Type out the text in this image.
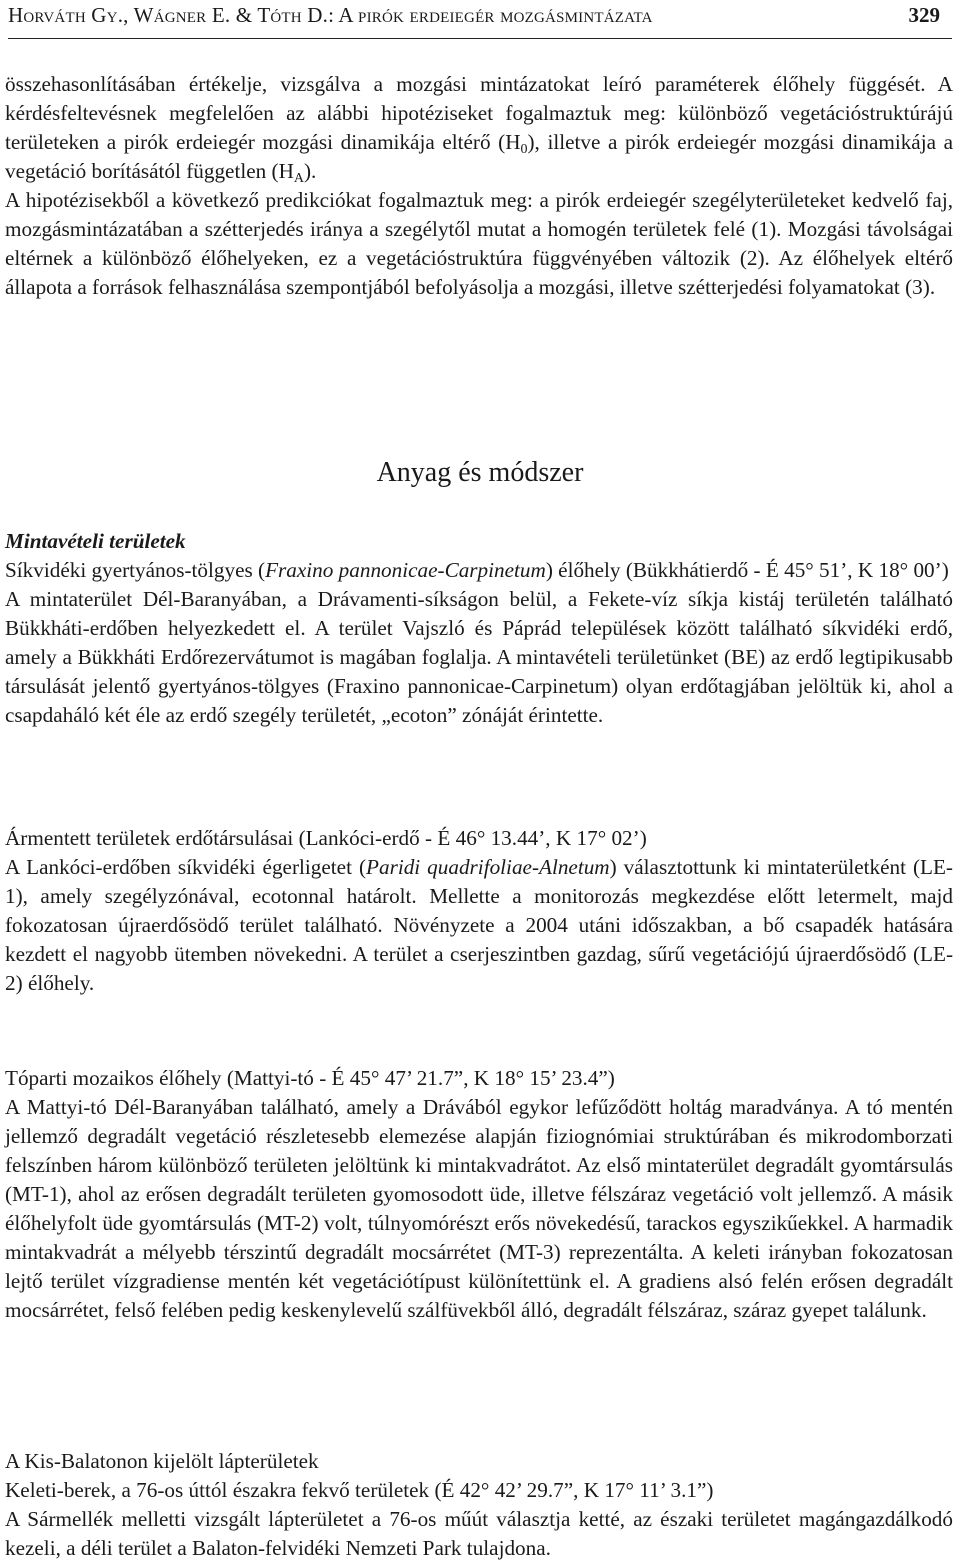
Horváth Gy., Wágner E. & Tóth D.: A pirók erdeiegér mozgásmintázata	329

összehasonlításában értékelje, vizsgálva a mozgási mintázatokat leíró paraméterek élőhely függését. A kérdésfeltevésnek megfelelően az alábbi hipotéziseket fogalmaztuk meg: különböző vegetációstruktúrájú területeken a pirók erdeiegér mozgási dinamikája eltérő $(H_0)$, illetve a pirók erdeiegér mozgási dinamikája a vegetáció borításától független $(H_A)$.

A hipotézisekből a következő predikciókat fogalmaztuk meg: a pirók erdeiegér szegélyterületeket kedvelő faj, mozgásmintázatában a szétterjedés iránya a szegélytől mutat a homogén területek felé (1). Mozgási távolságai eltérnek a különböző élőhelyeken, ez a vegetációstruktúra függvényében változik (2). Az élőhelyek eltérő állapota a források felhasználása szempontjából befolyásolja a mozgási, illetve szétterjedési folyamatokat (3).

Anyag és módszer

Mintavételi területek

Síkvidéki gyertyános-tölgyes (Fraxino pannonicae-Carpinetum) élőhely (Bükkhátierdő - É 45° 51’, K 18° 00’)

A mintaterület Dél-Baranyában, a Drávamenti-síkságon belül, a Fekete-víz síkja kistáj területén található Bükkháti-erdőben helyezkedett el. A terület Vajszló és Páprád települések között található síkvidéki erdő, amely a Bükkháti Erdőrezervátumot is magában foglalja. A mintavételi területünket (BE) az erdő legtipikusabb társulását jelentő gyertyános-tölgyes (Fraxino pannonicae-Carpinetum) olyan erdőtagjában jelöltük ki, ahol a csapdaháló két éle az erdő szegély területét, „ecoton” zónáját érintette.

Ármentett területek erdőtársulásai (Lankóci-erdő - É 46° 13.44’, K 17° 02’)

A Lankóci-erdőben síkvidéki égerligetet (Paridi quadrifoliae-Alnetum) választottunk ki mintaterületként (LE-1), amely szegélyzónával, ecotonnal határolt. Mellette a monitorozás megkezdése előtt letermelt, majd fokozatosan újraerdősödő terület található. Növényzete a 2004 utáni időszakban, a bő csapadék hatására kezdett el nagyobb ütemben növekedni. A terület a cserjeszintben gazdag, sűrű vegetációjú újraerdősödő (LE-2) élőhely.

Tóparti mozaikos élőhely (Mattyi-tó - É 45° 47’ 21.7”, K 18° 15’ 23.4”)

A Mattyi-tó Dél-Baranyában található, amely a Drávából egykor lefűződött holtág maradványa. A tó mentén jellemző degradált vegetáció részletesebb elemezése alapján fiziognómiai struktúrában és mikrodomborzati felszínben három különböző területen jelöltünk ki mintakvadrátot. Az első mintaterület degradált gyomtársulás (MT-1), ahol az erősen degradált területen gyomosodott üde, illetve félszáraz vegetáció volt jellemző. A másik élőhelyfolt üde gyomtársulás (MT-2) volt, túlnyomórészt erős növekedésű, tarackos egyszikűekkel. A harmadik mintakvadrát a mélyebb térszintű degradált mocsárrétet (MT-3) reprezentálta. A keleti irányban fokozatosan lejtő terület vízgradiense mentén két vegetációtípust különítettünk el. A gradiens alsó felén erősen degradált mocsárrétet, felső felében pedig keskenylevelű szálfüvekből álló, degradált félszáraz, száraz gyepet találunk.

A Kis-Balatonon kijelölt lápterületek

Keleti-berek, a 76-os úttól északra fekvő területek (É 42° 42’ 29.7”, K 17° 11’ 3.1”)

A Sármellék melletti vizsgált lápterületet a 76-os műút választja ketté, az északi területet magángazdálkodó kezeli, a déli terület a Balaton-felvidéki Nemzeti Park tulajdona.
